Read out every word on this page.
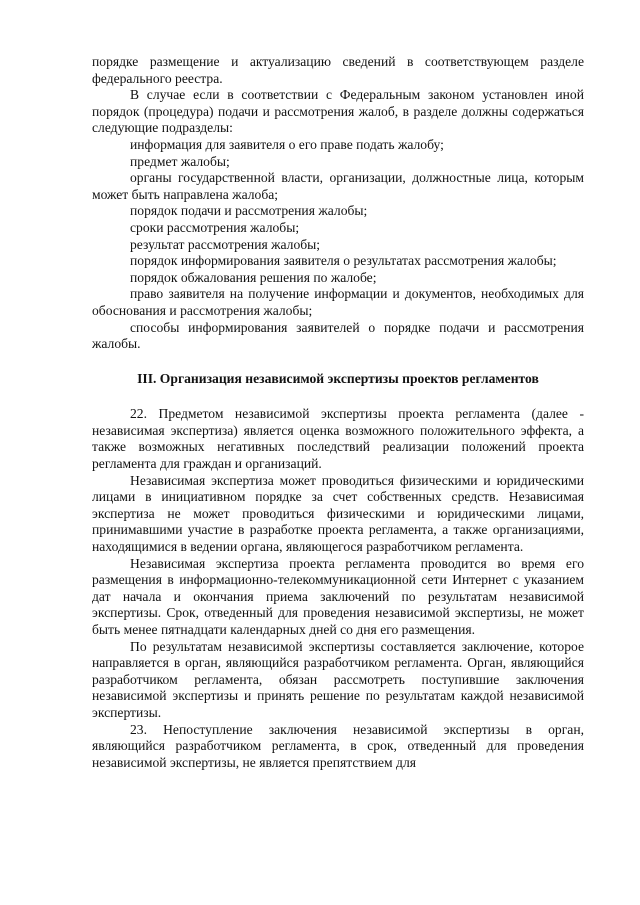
порядке размещение и актуализацию сведений в соответствующем разделе федерального реестра.

В случае если в соответствии с Федеральным законом установлен иной порядок (процедура) подачи и рассмотрения жалоб, в разделе должны содержаться следующие подразделы:

информация для заявителя о его праве подать жалобу;

предмет жалобы;

органы государственной власти, организации, должностные лица, которым может быть направлена жалоба;

порядок подачи и рассмотрения жалобы;

сроки рассмотрения жалобы;

результат рассмотрения жалобы;

порядок информирования заявителя о результатах рассмотрения жалобы;

порядок обжалования решения по жалобе;

право заявителя на получение информации и документов, необходимых для обоснования и рассмотрения жалобы;

способы информирования заявителей о порядке подачи и рассмотрения жалобы.

III. Организация независимой экспертизы проектов регламентов

22. Предметом независимой экспертизы проекта регламента (далее - независимая экспертиза) является оценка возможного положительного эффекта, а также возможных негативных последствий реализации положений проекта регламента для граждан и организаций.

Независимая экспертиза может проводиться физическими и юридическими лицами в инициативном порядке за счет собственных средств. Независимая экспертиза не может проводиться физическими и юридическими лицами, принимавшими участие в разработке проекта регламента, а также организациями, находящимися в ведении органа, являющегося разработчиком регламента.

Независимая экспертиза проекта регламента проводится во время его размещения в информационно-телекоммуникационной сети Интернет с указанием дат начала и окончания приема заключений по результатам независимой экспертизы. Срок, отведенный для проведения независимой экспертизы, не может быть менее пятнадцати календарных дней со дня его размещения.

По результатам независимой экспертизы составляется заключение, которое направляется в орган, являющийся разработчиком регламента. Орган, являющийся разработчиком регламента, обязан рассмотреть поступившие заключения независимой экспертизы и принять решение по результатам каждой независимой экспертизы.

23. Непоступление заключения независимой экспертизы в орган, являющийся разработчиком регламента, в срок, отведенный для проведения независимой экспертизы, не является препятствием для
